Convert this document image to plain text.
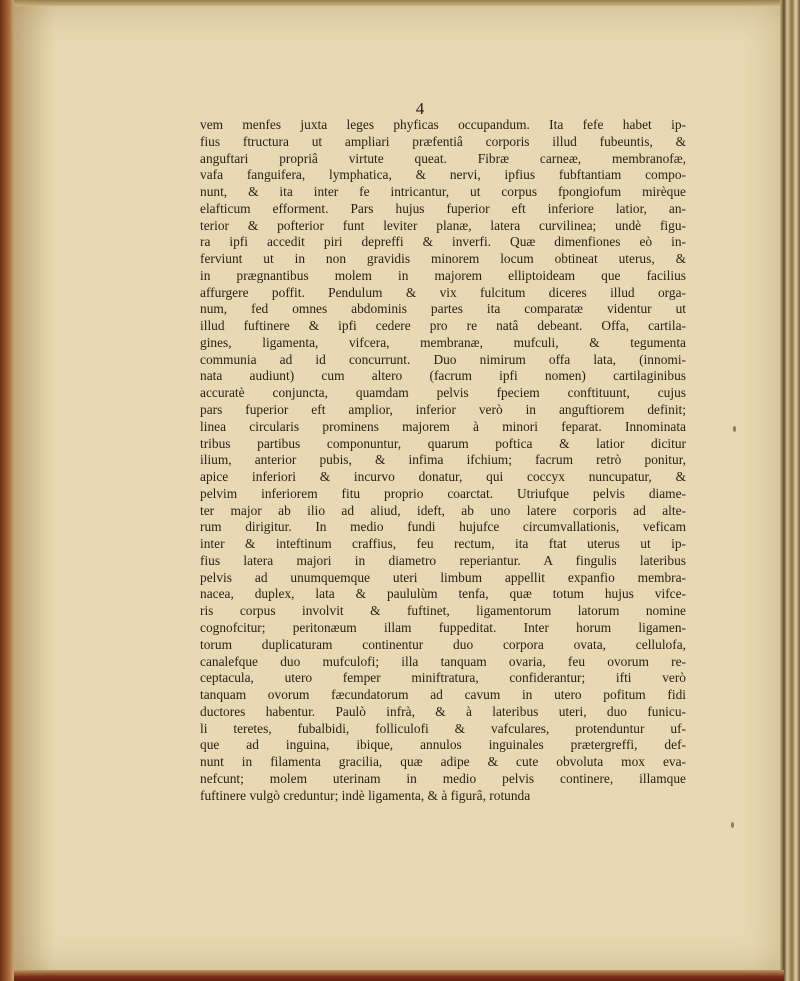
4
vem menfes juxta leges phyficas occupandum. Ita fefe habet ip-
fius ftructura ut ampliari præfentiâ corporis illud fubeuntis, &
anguftari propriâ virtute queat. Fibræ carneæ, membranofæ,
vafa fanguifera, lymphatica, & nervi, ipfius fubftantiam compo-
nunt, & ita inter fe intricantur, ut corpus fpongiofum mirèque
elafticum efforment. Pars hujus fuperior eft inferiore latior, an-
terior & pofterior funt leviter planæ, latera curvilinea; undè figu-
ra ipfi accedit piri depreffi & inverfi. Quæ dimenfiones eò in-
ferviunt ut in non gravidis minorem locum obtineat uterus, &
in prægnantibus molem in majorem elliptoideam que facilius
affurgere poffit. Pendulum & vix fulcitum diceres illud orga-
num, fed omnes abdominis partes ita comparatæ videntur ut
illud fuftinere & ipfi cedere pro re natâ debeant. Offa, cartila-
gines, ligamenta, vifcera, membranæ, mufculi, & tegumenta
communia ad id concurrunt. Duo nimirum offa lata, (innomi-
nata audiunt) cum altero (facrum ipfi nomen) cartilaginibus
accuratè conjuncta, quamdam pelvis fpeciem conftituunt, cujus
pars fuperior eft amplior, inferior verò in anguftiorem definit;
linea circularis prominens majorem à minori feparat. Innominata
tribus partibus componuntur, quarum poftica & latior dicitur
ilium, anterior pubis, & infima ifchium; facrum retrò ponitur,
apice inferiori & incurvo donatur, qui coccyx nuncupatur, &
pelvim inferiorem fitu proprio coarctat. Utriufque pelvis diame-
ter major ab ilio ad aliud, ideft, ab uno latere corporis ad alte-
rum dirigitur. In medio fundi hujufce circumvallationis, veficam
inter & inteftinum craffius, feu rectum, ita ftat uterus ut ip-
fius latera majori in diametro reperiantur. A fingulis lateribus
pelvis ad unumquemque uteri limbum appellit expanfio membra-
nacea, duplex, lata & paululùm tenfa, quæ totum hujus vifce-
ris corpus involvit & fuftinet, ligamentorum latorum nomine
cognofcitur; peritonæum illam fuppeditat. Inter horum ligamen-
torum duplicaturam continentur duo corpora ovata, cellulofa,
canalefque duo mufculofi; illa tanquam ovaria, feu ovorum re-
ceptacula, utero femper miniftratura, confiderantur; ifti verò
tanquam ovorum fæcundatorum ad cavum in utero pofitum fidi
ductores habentur. Paulò infrà, & à lateribus uteri, duo funicu-
li teretes, fubalbidi, folliculofi & vafculares, protenduntur uf-
que ad inguina, ibique, annulos inguinales prætergreffi, def-
nunt in filamenta gracilia, quæ adipe & cute obvoluta mox eva-
nefcunt; molem uterinam in medio pelvis continere, illamque
fuftinere vulgò creduntur; indè ligamenta, & à figurâ, rotunda
